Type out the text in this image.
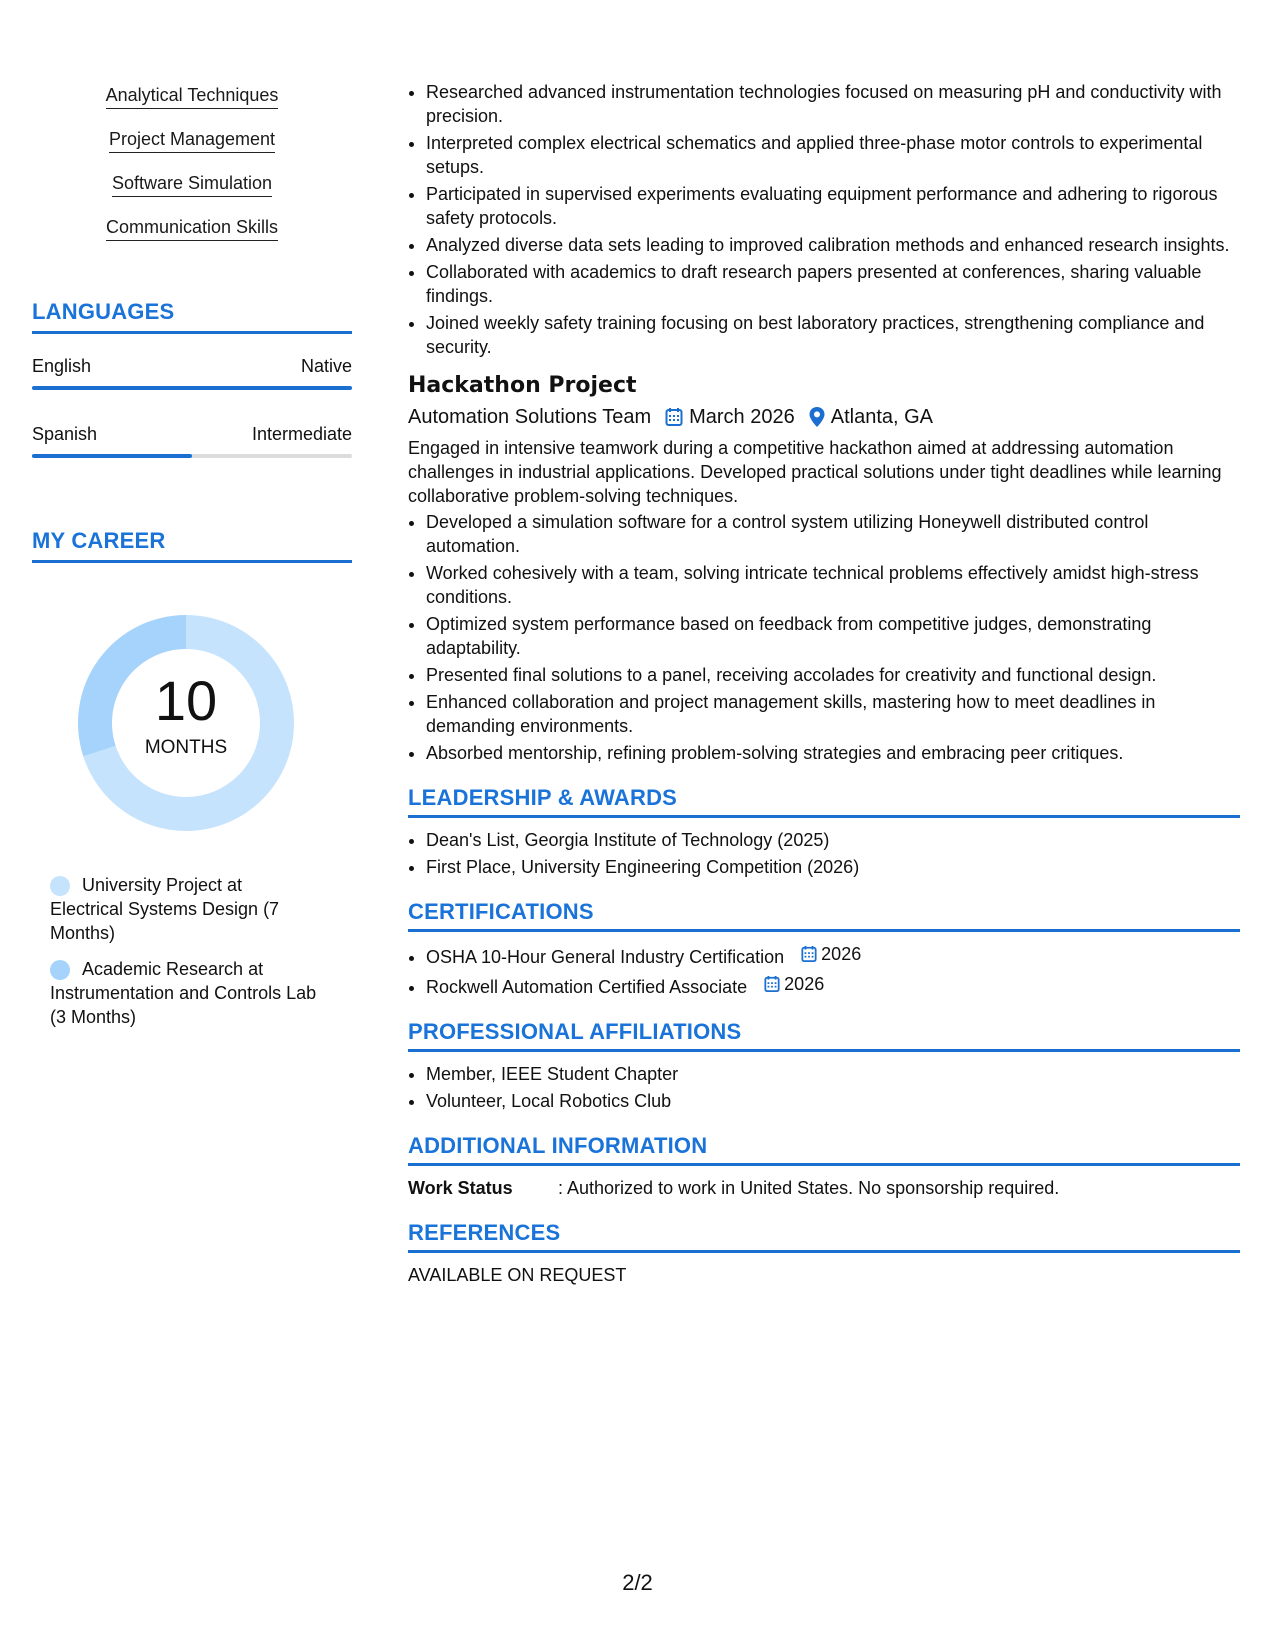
Analytical Techniques
Project Management
Software Simulation
Communication Skills
LANGUAGES
English	Native
Spanish	Intermediate
MY CAREER
10
MONTHS
University Project at Electrical Systems Design (7 Months)
Academic Research at Instrumentation and Controls Lab (3 Months)
• Researched advanced instrumentation technologies focused on measuring pH and conductivity with precision.
• Interpreted complex electrical schematics and applied three-phase motor controls to experimental setups.
• Participated in supervised experiments evaluating equipment performance and adhering to rigorous safety protocols.
• Analyzed diverse data sets leading to improved calibration methods and enhanced research insights.
• Collaborated with academics to draft research papers presented at conferences, sharing valuable findings.
• Joined weekly safety training focusing on best laboratory practices, strengthening compliance and security.
Hackathon Project
Automation Solutions Team March 2026 Atlanta, GA
Engaged in intensive teamwork during a competitive hackathon aimed at addressing automation challenges in industrial applications. Developed practical solutions under tight deadlines while learning collaborative problem-solving techniques.
• Developed a simulation software for a control system utilizing Honeywell distributed control automation.
• Worked cohesively with a team, solving intricate technical problems effectively amidst high-stress conditions.
• Optimized system performance based on feedback from competitive judges, demonstrating adaptability.
• Presented final solutions to a panel, receiving accolades for creativity and functional design.
• Enhanced collaboration and project management skills, mastering how to meet deadlines in demanding environments.
• Absorbed mentorship, refining problem-solving strategies and embracing peer critiques.
LEADERSHIP & AWARDS
• Dean's List, Georgia Institute of Technology (2025)
• First Place, University Engineering Competition (2026)
CERTIFICATIONS
• OSHA 10-Hour General Industry Certification 2026
• Rockwell Automation Certified Associate 2026
PROFESSIONAL AFFILIATIONS
• Member, IEEE Student Chapter
• Volunteer, Local Robotics Club
ADDITIONAL INFORMATION
Work Status	: Authorized to work in United States. No sponsorship required.
REFERENCES
AVAILABLE ON REQUEST
2/2
